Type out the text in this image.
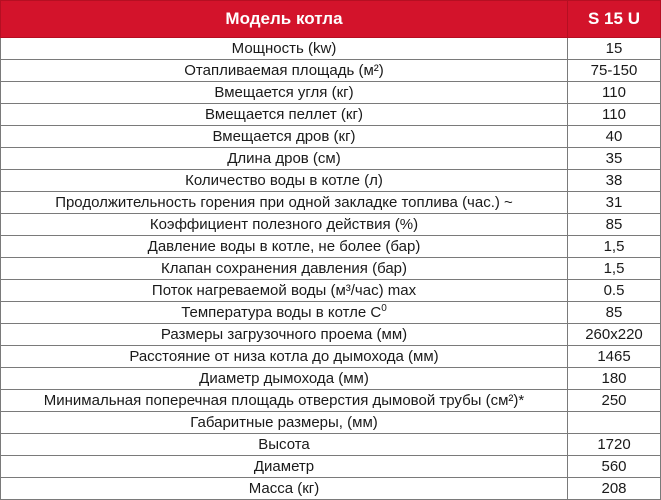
Модель котла	S 15 U
Мощность (kw)	15
Отапливаемая площадь (м²)	75-150
Вмещается угля (кг)	110
Вмещается пеллет (кг)	110
Вмещается дров (кг)	40
Длина дров (см)	35
Количество воды в котле (л)	38
Продолжительность горения при одной закладке топлива (час.) ~	31
Коэффициент полезного действия (%)	85
Давление воды в котле, не более (бар)	1,5
Клапан сохранения давления (бар)	1,5
Поток нагреваемой воды (м³/час) max	0.5
Температура воды в котле $C^0$	85
Размеры загрузочного проема (мм)	260x220
Расстояние от низа котла до дымохода (мм)	1465
Диаметр дымохода (мм)	180
Минимальная поперечная площадь отверстия дымовой трубы (см²)*	250
Габаритные размеры, (мм)	
Высота	1720
Диаметр	560
Масса (кг)	208
